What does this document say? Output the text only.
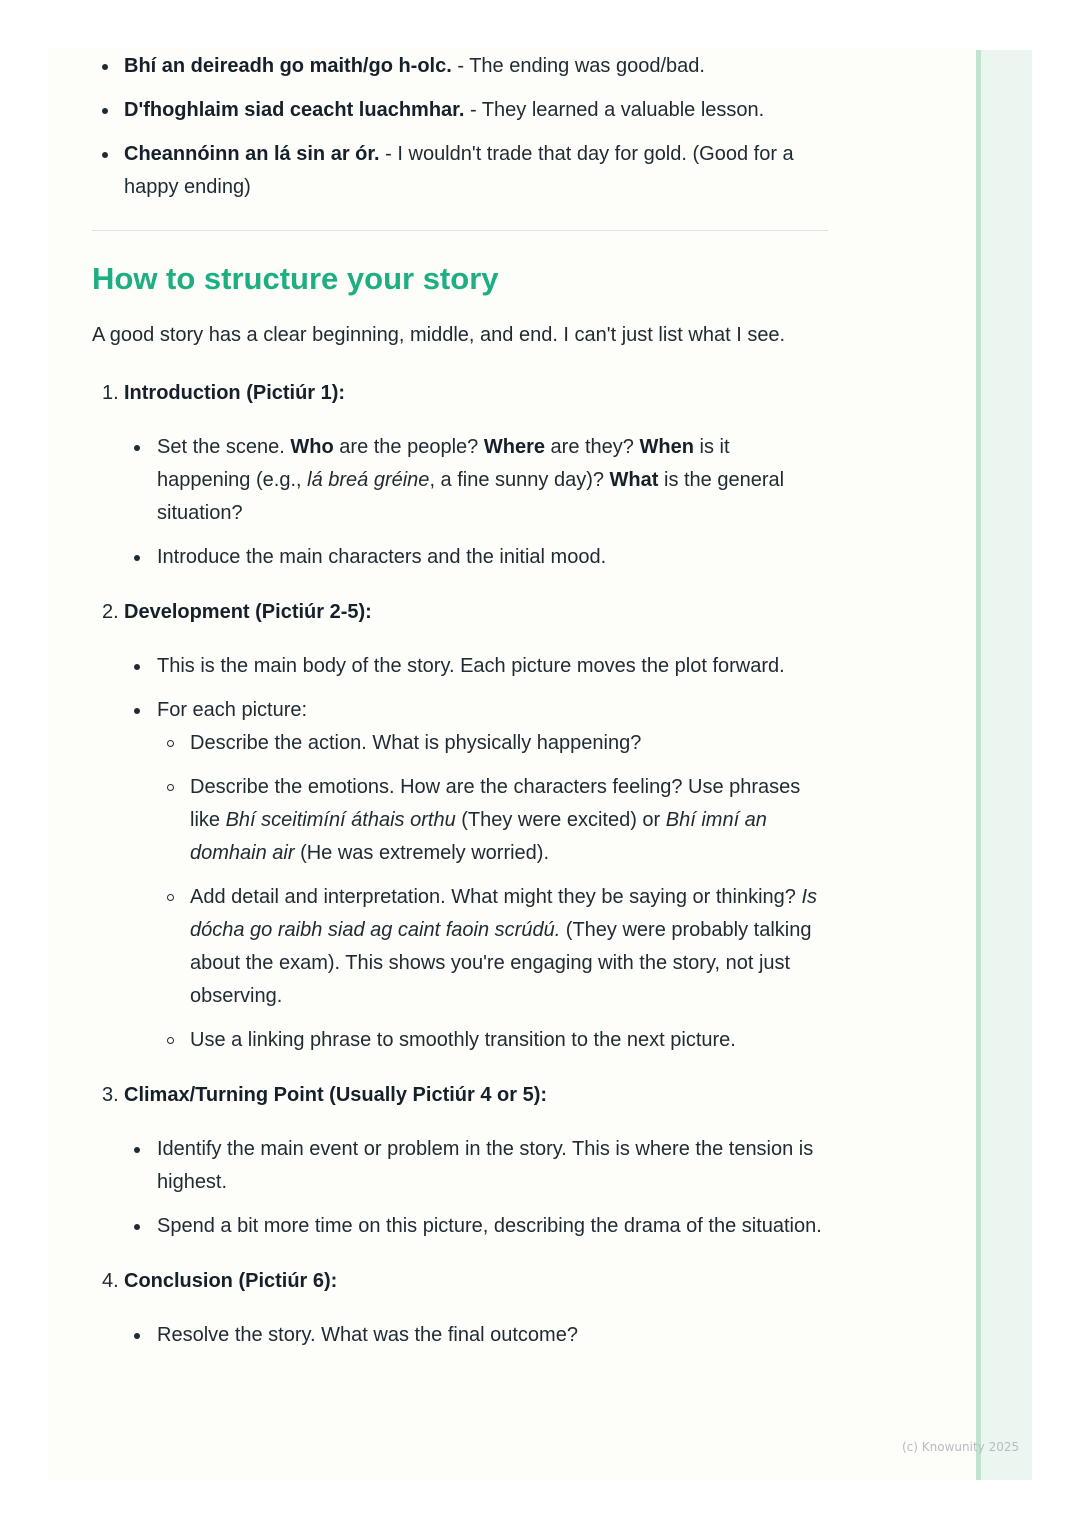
Bhí an deireadh go maith/go h-olc. - The ending was good/bad.
D'fhoghlaim siad ceacht luachmhar. - They learned a valuable lesson.
Cheannóinn an lá sin ar ór. - I wouldn't trade that day for gold. (Good for a happy ending)
How to structure your story

A good story has a clear beginning, middle, and end. I can't just list what I see.

1. Introduction (Pictiúr 1):
Set the scene. Who are the people? Where are they? When is it happening (e.g., lá breá gréine, a fine sunny day)? What is the general situation?
Introduce the main characters and the initial mood.
2. Development (Pictiúr 2-5):
This is the main body of the story. Each picture moves the plot forward.
For each picture:
Describe the action. What is physically happening?
Describe the emotions. How are the characters feeling? Use phrases like Bhí sceitimíní áthais orthu (They were excited) or Bhí imní an domhain air (He was extremely worried).
Add detail and interpretation. What might they be saying or thinking? Is dócha go raibh siad ag caint faoin scrúdú. (They were probably talking about the exam). This shows you're engaging with the story, not just observing.
Use a linking phrase to smoothly transition to the next picture.
3. Climax/Turning Point (Usually Pictiúr 4 or 5):
Identify the main event or problem in the story. This is where the tension is highest.
Spend a bit more time on this picture, describing the drama of the situation.
4. Conclusion (Pictiúr 6):
Resolve the story. What was the final outcome?
(c) Knowunity 2025
